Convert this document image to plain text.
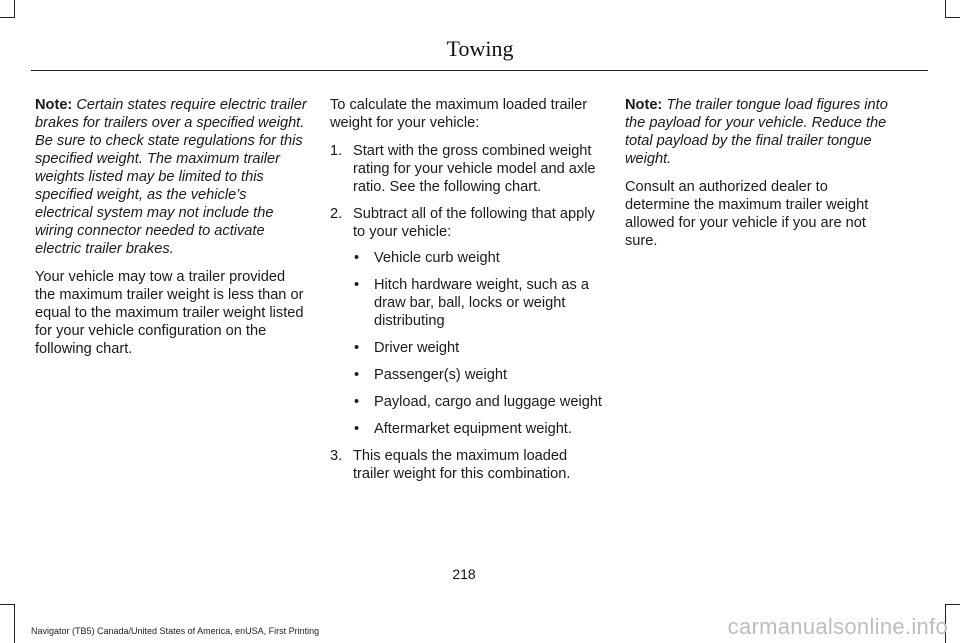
Towing

Note: Certain states require electric trailer brakes for trailers over a specified weight. Be sure to check state regulations for this specified weight. The maximum trailer weights listed may be limited to this specified weight, as the vehicle’s electrical system may not include the wiring connector needed to activate electric trailer brakes.

Your vehicle may tow a trailer provided the maximum trailer weight is less than or equal to the maximum trailer weight listed for your vehicle configuration on the following chart.

To calculate the maximum loaded trailer weight for your vehicle:

1. Start with the gross combined weight rating for your vehicle model and axle ratio. See the following chart.
2. Subtract all of the following that apply to your vehicle:
• Vehicle curb weight
• Hitch hardware weight, such as a draw bar, ball, locks or weight distributing
• Driver weight
• Passenger(s) weight
• Payload, cargo and luggage weight
• Aftermarket equipment weight.
3. This equals the maximum loaded trailer weight for this combination.

Note: The trailer tongue load figures into the payload for your vehicle. Reduce the total payload by the final trailer tongue weight.

Consult an authorized dealer to determine the maximum trailer weight allowed for your vehicle if you are not sure.

218
Navigator (TB5) Canada/United States of America, enUSA, First Printing	carmanualsonline.info
